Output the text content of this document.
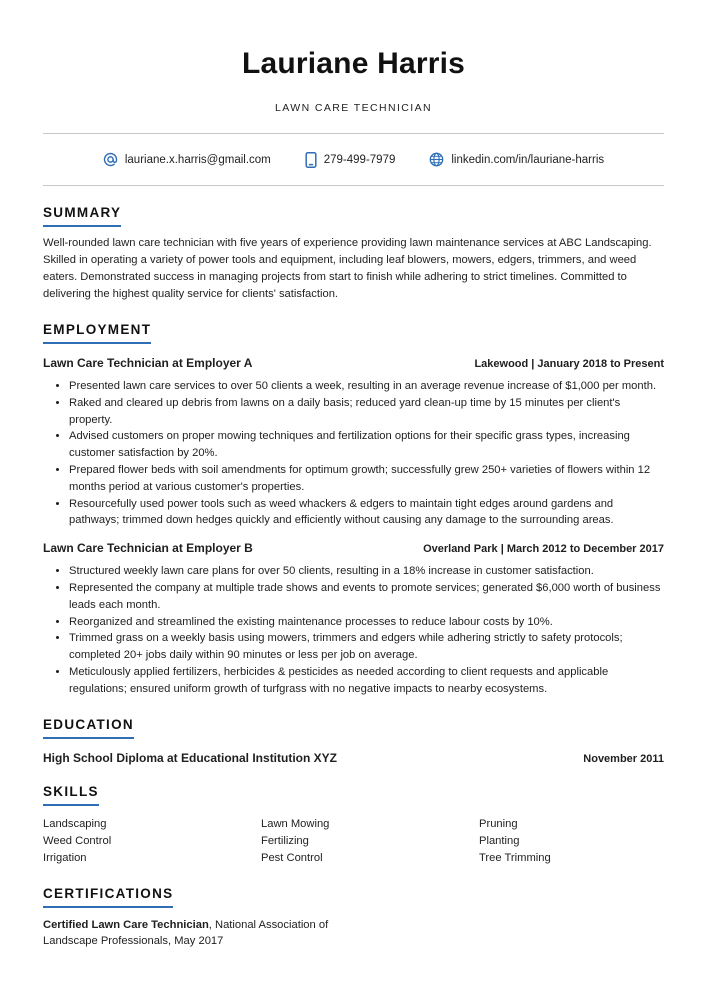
Lauriane Harris
LAWN CARE TECHNICIAN
lauriane.x.harris@gmail.com	279-499-7979	linkedin.com/in/lauriane-harris
SUMMARY
Well-rounded lawn care technician with five years of experience providing lawn maintenance services at ABC Landscaping. Skilled in operating a variety of power tools and equipment, including leaf blowers, mowers, edgers, trimmers, and weed eaters. Demonstrated success in managing projects from start to finish while adhering to strict timelines. Committed to delivering the highest quality service for clients' satisfaction.
EMPLOYMENT
Lawn Care Technician at Employer A	Lakewood | January 2018 to Present
• Presented lawn care services to over 50 clients a week, resulting in an average revenue increase of $1,000 per month.
• Raked and cleared up debris from lawns on a daily basis; reduced yard clean-up time by 15 minutes per client's property.
• Advised customers on proper mowing techniques and fertilization options for their specific grass types, increasing customer satisfaction by 20%.
• Prepared flower beds with soil amendments for optimum growth; successfully grew 250+ varieties of flowers within 12 months period at various customer's properties.
• Resourcefully used power tools such as weed whackers & edgers to maintain tight edges around gardens and pathways; trimmed down hedges quickly and efficiently without causing any damage to the surrounding areas.
Lawn Care Technician at Employer B	Overland Park | March 2012 to December 2017
• Structured weekly lawn care plans for over 50 clients, resulting in a 18% increase in customer satisfaction.
• Represented the company at multiple trade shows and events to promote services; generated $6,000 worth of business leads each month.
• Reorganized and streamlined the existing maintenance processes to reduce labour costs by 10%.
• Trimmed grass on a weekly basis using mowers, trimmers and edgers while adhering strictly to safety protocols; completed 20+ jobs daily within 90 minutes or less per job on average.
• Meticulously applied fertilizers, herbicides & pesticides as needed according to client requests and applicable regulations; ensured uniform growth of turfgrass with no negative impacts to nearby ecosystems.
EDUCATION
High School Diploma at Educational Institution XYZ	November 2011
SKILLS
Landscaping	Lawn Mowing	Pruning
Weed Control	Fertilizing	Planting
Irrigation	Pest Control	Tree Trimming
CERTIFICATIONS
Certified Lawn Care Technician, National Association of Landscape Professionals, May 2017
